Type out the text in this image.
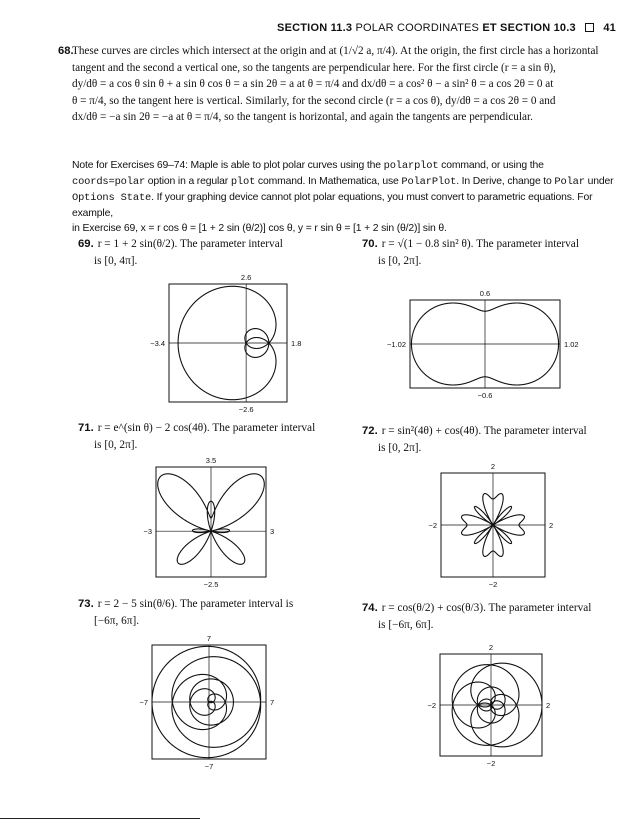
SECTION 11.3 POLAR COORDINATES ET SECTION 10.3	41
68.
These curves are circles which intersect at the origin and at (1/√2 a, π/4). At the origin, the first circle has a horizontal
tangent and the second a vertical one, so the tangents are perpendicular here. For the first circle (r = a sin θ),
dy/dθ = a cos θ sin θ + a sin θ cos θ = a sin 2θ = a at θ = π/4 and dx/dθ = a cos² θ − a sin² θ = a cos 2θ = 0 at
θ = π/4, so the tangent here is vertical. Similarly, for the second circle (r = a cos θ), dy/dθ = a cos 2θ = 0 and
dx/dθ = −a sin 2θ = −a at θ = π/4, so the tangent is horizontal, and again the tangents are perpendicular.
Note for Exercises 69–74: Maple is able to plot polar curves using the polarplot command, or using the
coords=polar option in a regular plot command. In Mathematica, use PolarPlot. In Derive, change to Polar under
Options State. If your graphing device cannot plot polar equations, you must convert to parametric equations. For example,
in Exercise 69, x = r cos θ = [1 + 2 sin (θ/2)] cos θ, y = r sin θ = [1 + 2 sin (θ/2)] sin θ.
69. r = 1 + 2 sin(θ/2). The parameter interval
is [0, 4π].
70. r = √(1 − 0.8 sin² θ). The parameter interval
is [0, 2π].
71. r = e^(sin θ) − 2 cos(4θ). The parameter interval
is [0, 2π].
72. r = sin²(4θ) + cos(4θ). The parameter interval
is [0, 2π].
73. r = 2 − 5 sin(θ/6). The parameter interval is
[−6π, 6π].
74. r = cos(θ/2) + cos(θ/3). The parameter interval
is [−6π, 6π].
2.6
−2.6
−3.4	1.8
0.6
−0.6
−1.02	1.02
3.5
−2.5
−3	3
2
−2
−2	2
7
−7
−7	7
2
−2
−2	2
